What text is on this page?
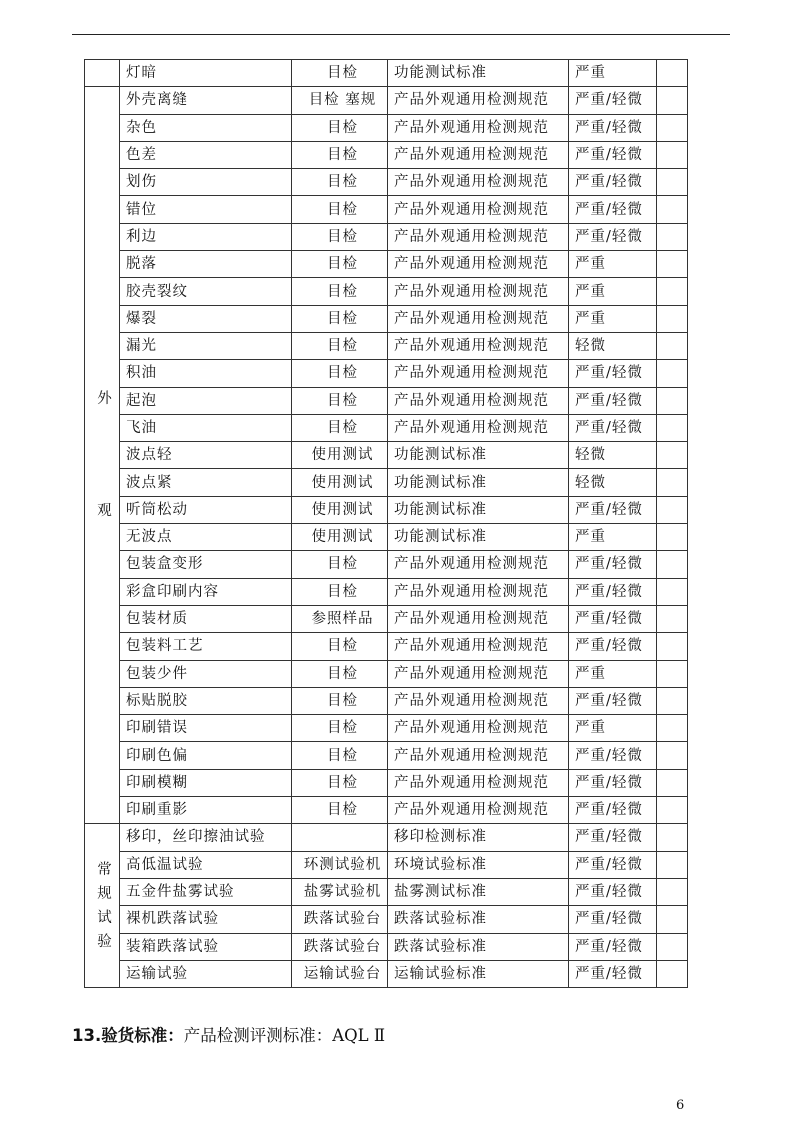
	灯暗	目检	功能测试标准	严重	

外
观	外壳离缝	目检 塞规	产品外观通用检测规范	严重/轻微	
	杂色	目检	产品外观通用检测规范	严重/轻微	
	色差	目检	产品外观通用检测规范	严重/轻微	
	划伤	目检	产品外观通用检测规范	严重/轻微	
	错位	目检	产品外观通用检测规范	严重/轻微	
	利边	目检	产品外观通用检测规范	严重/轻微	
	脱落	目检	产品外观通用检测规范	严重	
	胶壳裂纹	目检	产品外观通用检测规范	严重	
	爆裂	目检	产品外观通用检测规范	严重	
	漏光	目检	产品外观通用检测规范	轻微	
	积油	目检	产品外观通用检测规范	严重/轻微	
	起泡	目检	产品外观通用检测规范	严重/轻微	
	飞油	目检	产品外观通用检测规范	严重/轻微	
	波点轻	使用测试	功能测试标准	轻微	
	波点紧	使用测试	功能测试标准	轻微	
	听筒松动	使用测试	功能测试标准	严重/轻微	
	无波点	使用测试	功能测试标准	严重	
	包装盒变形	目检	产品外观通用检测规范	严重/轻微	
	彩盒印刷内容	目检	产品外观通用检测规范	严重/轻微	
	包装材质	参照样品	产品外观通用检测规范	严重/轻微	
	包装料工艺	目检	产品外观通用检测规范	严重/轻微	
	包装少件	目检	产品外观通用检测规范	严重	
	标贴脱胶	目检	产品外观通用检测规范	严重/轻微	
	印刷错误	目检	产品外观通用检测规范	严重	
	印刷色偏	目检	产品外观通用检测规范	严重/轻微	
	印刷模糊	目检	产品外观通用检测规范	严重/轻微	
	印刷重影	目检	产品外观通用检测规范	严重/轻微	

常
规
试
验	移印，丝印擦油试验		移印检测标准	严重/轻微	
	高低温试验	环测试验机	环境试验标准	严重/轻微	
	五金件盐雾试验	盐雾试验机	盐雾测试标准	严重/轻微	
	裸机跌落试验	跌落试验台	跌落试验标准	严重/轻微	
	装箱跌落试验	跌落试验台	跌落试验标准	严重/轻微	
	运输试验	运输试验台	运输试验标准	严重/轻微	
13.验货标准：产品检测评测标准：AQL Ⅱ
6
